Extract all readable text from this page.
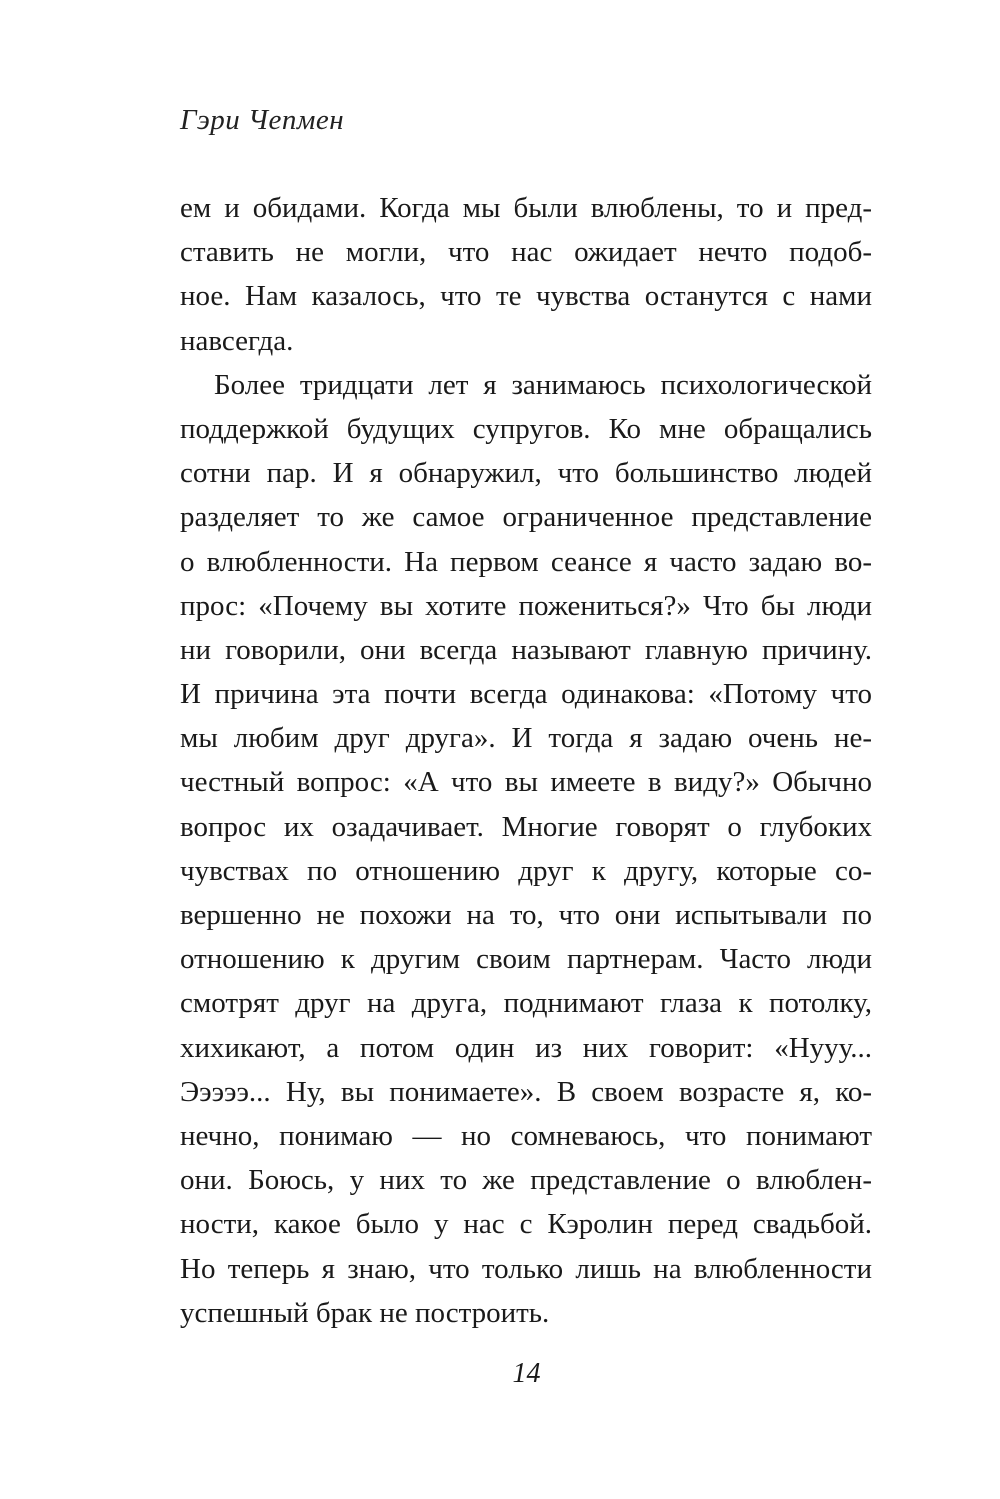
Гэри Чепмен
ем и обидами. Когда мы были влюблены, то и пред-
ставить не могли, что нас ожидает нечто подоб-
ное. Нам казалось, что те чувства останутся с нами
навсегда.
Более тридцати лет я занимаюсь психологической
поддержкой будущих супругов. Ко мне обращались
сотни пар. И я обнаружил, что большинство людей
разделяет то же самое ограниченное представление
о влюбленности. На первом сеансе я часто задаю во-
прос: «Почему вы хотите пожениться?» Что бы люди
ни говорили, они всегда называют главную причину.
И причина эта почти всегда одинакова: «Потому что
мы любим друг друга». И тогда я задаю очень не-
честный вопрос: «А что вы имеете в виду?» Обычно
вопрос их озадачивает. Многие говорят о глубоких
чувствах по отношению друг к другу, которые со-
вершенно не похожи на то, что они испытывали по
отношению к другим своим партнерам. Часто люди
смотрят друг на друга, поднимают глаза к потолку,
хихикают, а потом один из них говорит: «Нууу...
Эээээ... Ну, вы понимаете». В своем возрасте я, ко-
нечно, понимаю — но сомневаюсь, что понимают
они. Боюсь, у них то же представление о влюблен-
ности, какое было у нас с Кэролин перед свадьбой.
Но теперь я знаю, что только лишь на влюбленности
успешный брак не построить.
14
